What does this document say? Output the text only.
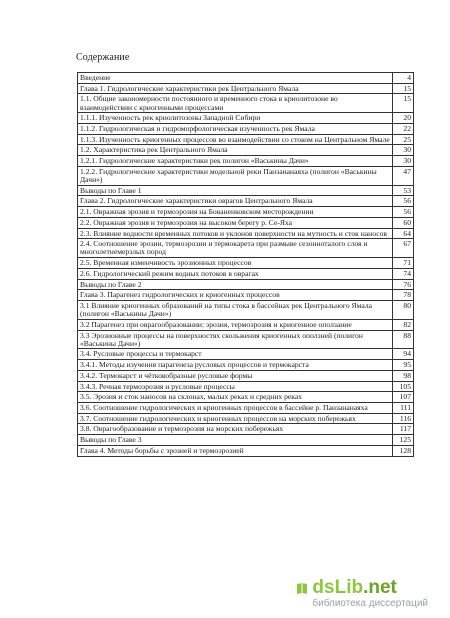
Содержание
Введение	4
Глава 1. Гидрологические характеристики рек Центрального Ямала	15
1.1. Общие закономерности постоянного и временного стока в криолитозоне во взаимодействии с криогенными процессами	15
1.1.1. Изученность рек криолитозоны Западной Сибири	20
1.1.2. Гидрологическая и гидроморфологическая изученность рек Ямала	22
1.1.3. Изученность криогенных процессов во взаимодействии со стоком на Центральном Ямале	25
1.2. Характеристика рек Центрального Ямала	30
1.2.1. Гидрологические характеристики рек полигон «Васькины Дачи»	30
1.2.2. Гидрологические характеристики модельной реки Панзананаяха (полигон «Васькины Дачи»)	47
Выводы по Главе 1	53
Глава 2. Гидрологические характеристики оврагов Центрального Ямала	56
2.1. Овражная эрозия и термоэрозия на Бованенковском месторождении	56
2.2. Овражная эрозия и термоэрозия на высоком берегу р. Се-Яха	60
2.3. Влияние водности временных потоков и уклонов поверхности на мутность и сток наносов	64
2.4. Соотношение эрозии, термоэрозии и термокарета при размыве сезонноталого слоя и многолетнемерзлых пород	67
2.5. Временная изменчивость эрозионных процессов	71
2.6. Гидрологический режим водных потоков в оврагах	74
Выводы по Главе 2	76
Глава 3. Парагенез гидрологических и криогенных процессов	78
3.1 Влияние криогенных образований на типы стока в бассейнах рек Центрального Ямала (полигон «Васькины Дачи»)	80
3.2 Парагенез при оврагообразовании: эрозия, термоэрозия и криогенное оползание	82
3.3 Эрозионные процессы на поверхностях скольжения криогенных оползней (полигон «Васькины Дачи»)	88
3.4. Русловые процессы и термокарст	94
3.4.1. Методы изучения парагенеза русловых процессов и термокарста	95
3.4.2. Термокарст и чётковобразные русловые формы	98
3.4.3. Речная термоэрозия и русловые процессы	105
3.5. Эрозия и сток наносов на склонах, малых реках и средних реках	107
3.6. Соотношение гидрологических и криогенных процессов в бассейне р. Панзананаяха	111
3.7. Соотношение гидрологических и криогенных процессов на морских побережьях	116
3.8. Оврагообразование и термоэрозия на морских побережьях	117
Выводы по Главе 3	125
Глава 4. Методы борьбы с эрозией и термоэрозией	128
dsLib.net
библиотека диссертаций
